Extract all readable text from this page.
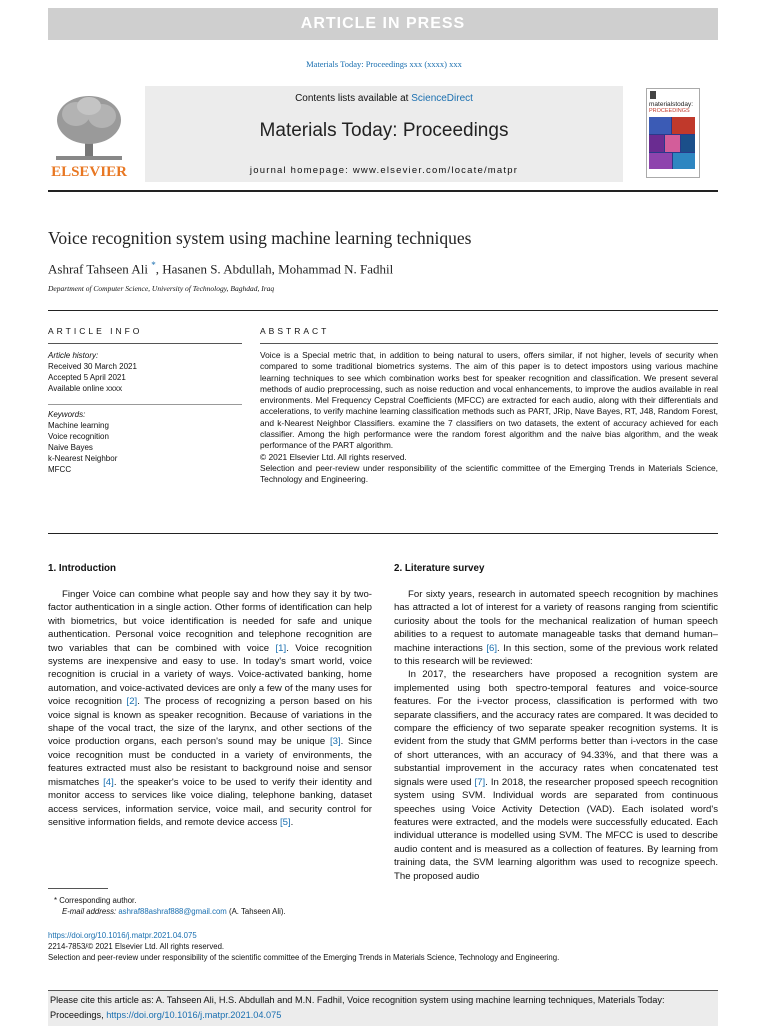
ARTICLE IN PRESS
Materials Today: Proceedings xxx (xxxx) xxx
ELSEVIER
Contents lists available at ScienceDirect
Materials Today: Proceedings
journal homepage: www.elsevier.com/locate/matpr
materialstoday:
PROCEEDINGS
Voice recognition system using machine learning techniques
Ashraf Tahseen Ali *, Hasanen S. Abdullah, Mohammad N. Fadhil
Department of Computer Science, University of Technology, Baghdad, Iraq
ARTICLE INFO
Article history:
Received 30 March 2021
Accepted 5 April 2021
Available online xxxx
Keywords:
Machine learning
Voice recognition
Naive Bayes
k-Nearest Neighbor
MFCC
ABSTRACT

Voice is a Special metric that, in addition to being natural to users, offers similar, if not higher, levels of security when compared to some traditional biometrics systems. The aim of this paper is to detect impostors using various machine learning techniques to see which combination works best for speaker recognition and classification. We present several methods of audio preprocessing, such as noise reduction and vocal enhancements, to improve the audios available in real environments. Mel Frequency Cepstral Coefficients (MFCC) are extracted for each audio, along with their differentials and accelerations, to verify machine learning classification methods such as PART, JRip, Nave Bayes, RT, J48, Random Forest, and k-Nearest Neighbor Classifiers. examine the 7 classifiers on two datasets, the extent of accuracy achieved for each classifier. Among the high performance were the random forest algorithm and the naive bias algorithm, and the weak performance of the PART algorithm.

© 2021 Elsevier Ltd. All rights reserved.

Selection and peer-review under responsibility of the scientific committee of the Emerging Trends in Materials Science, Technology and Engineering.

1. Introduction

Finger Voice can combine what people say and how they say it by two-factor authentication in a single action. Other forms of identification can help with biometrics, but voice identification is needed for safe and unique authentication. Personal voice recognition and telephone recognition are two variables that can be combined with voice [1]. Voice recognition systems are inexpensive and easy to use. In today's smart world, voice recognition is crucial in a variety of ways. Voice-activated banking, home automation, and voice-activated devices are only a few of the many uses for voice recognition [2]. The process of recognizing a person based on his voice signal is known as speaker recognition. Because of variations in the shape of the vocal tract, the size of the larynx, and other sections of the voice production organs, each person's sound may be unique [3]. Since voice recognition must be conducted in a variety of environments, the features extracted must also be resistant to background noise and sensor mismatches [4]. the speaker's voice to be used to verify their identity and monitor access to services like voice dialing, telephone banking, dataset access services, information service, voice mail, and security control for sensitive information fields, and remote device access [5].

* Corresponding author.
E-mail address: ashraf88ashraf888@gmail.com (A. Tahseen Ali).
2. Literature survey

For sixty years, research in automated speech recognition by machines has attracted a lot of interest for a variety of reasons ranging from scientific curiosity about the tools for the mechanical realization of human speech abilities to a request to automate manageable tasks that demand human–machine interactions [6]. In this section, some of the previous work related to this research will be reviewed:

In 2017, the researchers have proposed a recognition system are implemented using both spectro-temporal features and voice-source features. For the i-vector process, classification is performed with two separate classifiers, and the accuracy rates are compared. It was decided to compare the efficiency of two separate speaker recognition systems. It is evident from the study that GMM performs better than i-vectors in the case of short utterances, with an accuracy of 94.33%, and that there was a substantial improvement in the accuracy rates when concatenated test signals were used [7]. In 2018, the researcher proposed speech recognition system using SVM. Individual words are separated from continuous speeches using Voice Activity Detection (VAD). Each isolated word's features were extracted, and the models were successfully educated. Each individual utterance is modelled using SVM. The MFCC is used to describe audio content and is measured as a collection of features. By learning from training data, the SVM learning algorithm was used to recognize speech. The proposed audio

https://doi.org/10.1016/j.matpr.2021.04.075
2214-7853/© 2021 Elsevier Ltd. All rights reserved.
Selection and peer-review under responsibility of the scientific committee of the Emerging Trends in Materials Science, Technology and Engineering.
Please cite this article as: A. Tahseen Ali, H.S. Abdullah and M.N. Fadhil, Voice recognition system using machine learning techniques, Materials Today: Proceedings, https://doi.org/10.1016/j.matpr.2021.04.075
